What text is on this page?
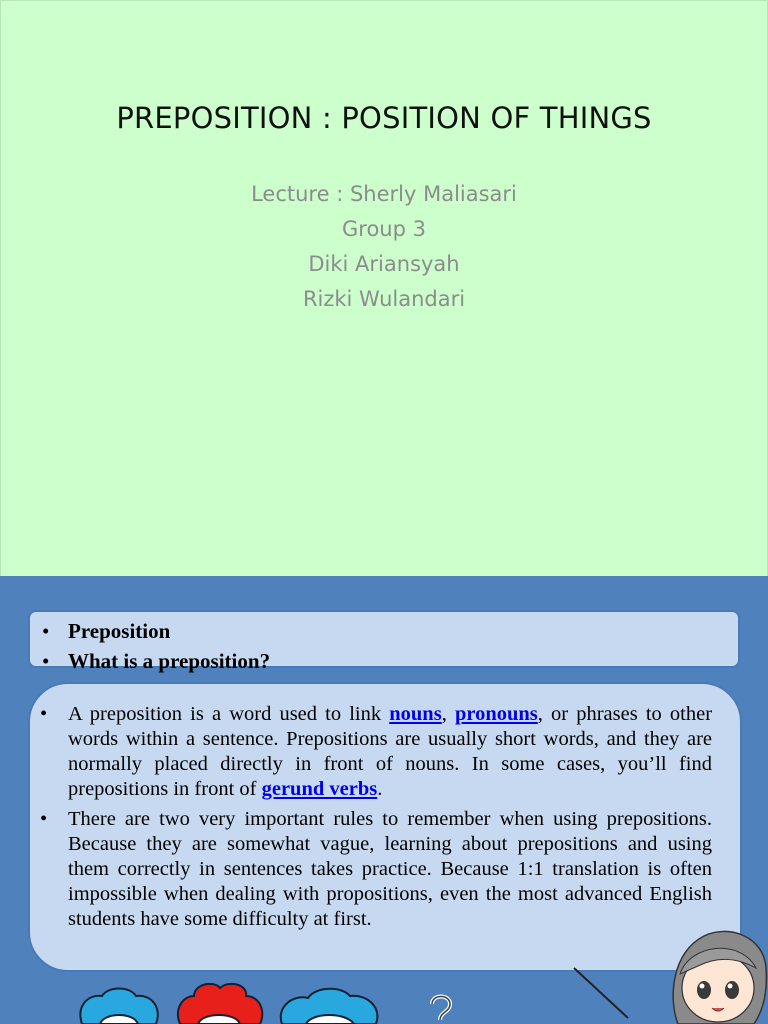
PREPOSITION : POSITION OF THINGS
Lecture : Sherly Maliasari
Group 3
Diki Ariansyah
Rizki Wulandari
• Preposition
• What is a preposition?

• A preposition is a word used to link nouns, pronouns, or phrases to other words within a sentence. Prepositions are usually short words, and they are normally placed directly in front of nouns. In some cases, you’ll find prepositions in front of gerund verbs.

• There are two very important rules to remember when using prepositions. Because they are somewhat vague, learning about prepositions and using them correctly in sentences takes practice. Because 1:1 translation is often impossible when dealing with propositions, even the most advanced English students have some difficulty at first.
